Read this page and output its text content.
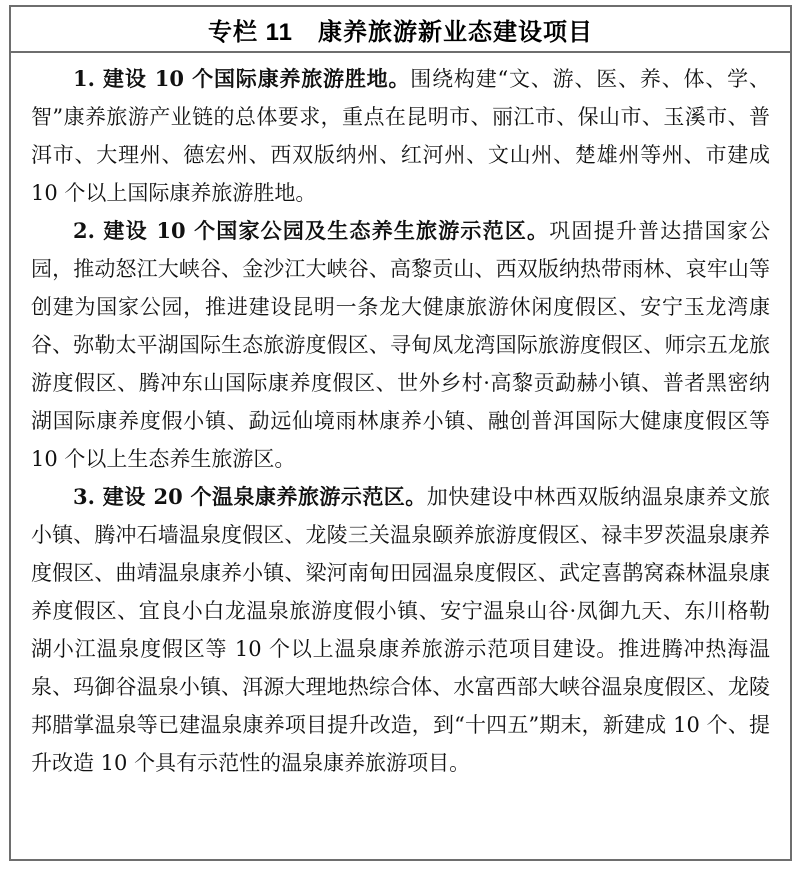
专栏 11　康养旅游新业态建设项目

1. 建设 10 个国际康养旅游胜地。围绕构建“文、游、医、养、体、学、智”康养旅游产业链的总体要求，重点在昆明市、丽江市、保山市、玉溪市、普洱市、大理州、德宏州、西双版纳州、红河州、文山州、楚雄州等州、市建成 10 个以上国际康养旅游胜地。

2. 建设 10 个国家公园及生态养生旅游示范区。巩固提升普达措国家公园，推动怒江大峡谷、金沙江大峡谷、高黎贡山、西双版纳热带雨林、哀牢山等创建为国家公园，推进建设昆明一条龙大健康旅游休闲度假区、安宁玉龙湾康谷、弥勒太平湖国际生态旅游度假区、寻甸凤龙湾国际旅游度假区、师宗五龙旅游度假区、腾冲东山国际康养度假区、世外乡村·高黎贡勐赫小镇、普者黑密纳湖国际康养度假小镇、勐远仙境雨林康养小镇、融创普洱国际大健康度假区等 10 个以上生态养生旅游区。

3. 建设 20 个温泉康养旅游示范区。加快建设中林西双版纳温泉康养文旅小镇、腾冲石墙温泉度假区、龙陵三关温泉颐养旅游度假区、禄丰罗茨温泉康养度假区、曲靖温泉康养小镇、梁河南甸田园温泉度假区、武定喜鹊窝森林温泉康养度假区、宜良小白龙温泉旅游度假小镇、安宁温泉山谷·凤御九天、东川格勒湖小江温泉度假区等 10 个以上温泉康养旅游示范项目建设。推进腾冲热海温泉、玛御谷温泉小镇、洱源大理地热综合体、水富西部大峡谷温泉度假区、龙陵邦腊掌温泉等已建温泉康养项目提升改造，到“十四五”期末，新建成 10 个、提升改造 10 个具有示范性的温泉康养旅游项目。
